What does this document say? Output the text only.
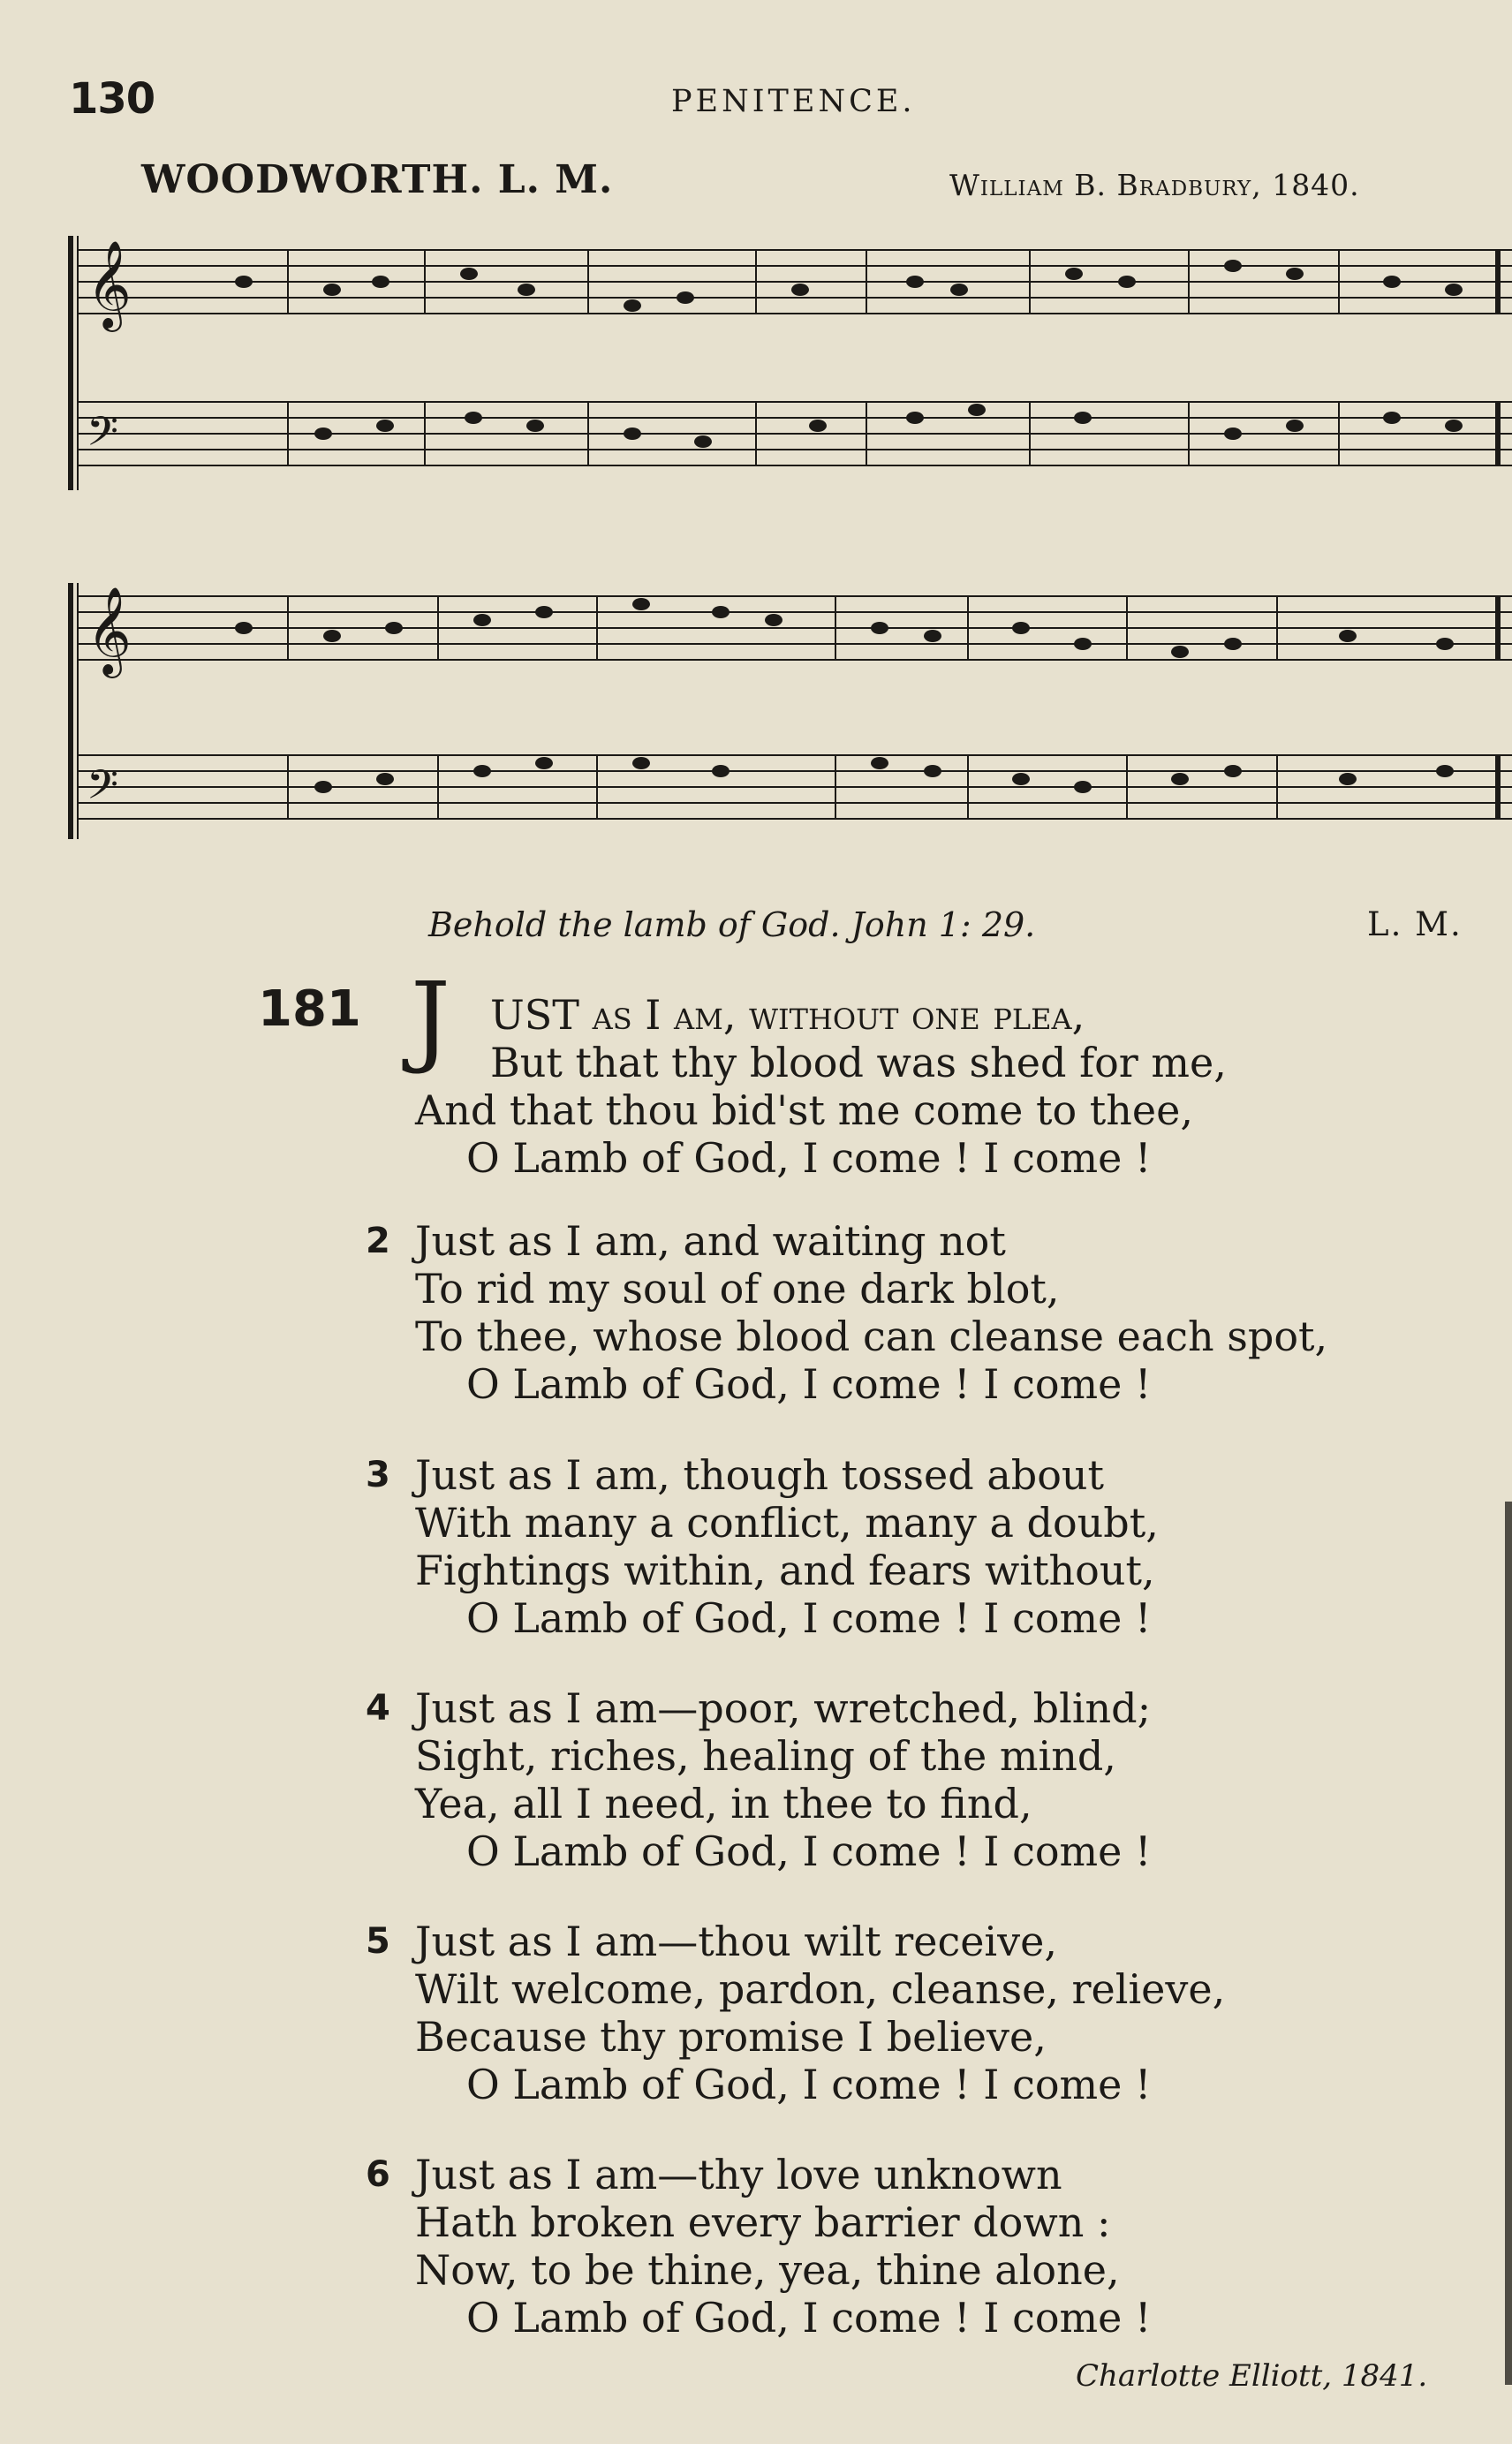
130	PENITENCE.
WOODWORTH. L. M.	William B. Bradbury, 1840.
𝄞
𝄢
𝄞
𝄢
Behold the lamb of God. John 1: 29.	L. M.
181 J UST as I am, without one plea,
But that thy blood was shed for me,
And that thou bid'st me come to thee,
O Lamb of God, I come ! I come !
2 Just as I am, and waiting not
To rid my soul of one dark blot,
To thee, whose blood can cleanse each spot,
O Lamb of God, I come ! I come !
3 Just as I am, though tossed about
With many a conflict, many a doubt,
Fightings within, and fears without,
O Lamb of God, I come ! I come !
4 Just as I am—poor, wretched, blind;
Sight, riches, healing of the mind,
Yea, all I need, in thee to find,
O Lamb of God, I come ! I come !
5 Just as I am—thou wilt receive,
Wilt welcome, pardon, cleanse, relieve,
Because thy promise I believe,
O Lamb of God, I come ! I come !
6 Just as I am—thy love unknown
Hath broken every barrier down :
Now, to be thine, yea, thine alone,
O Lamb of God, I come ! I come !
Charlotte Elliott, 1841.
